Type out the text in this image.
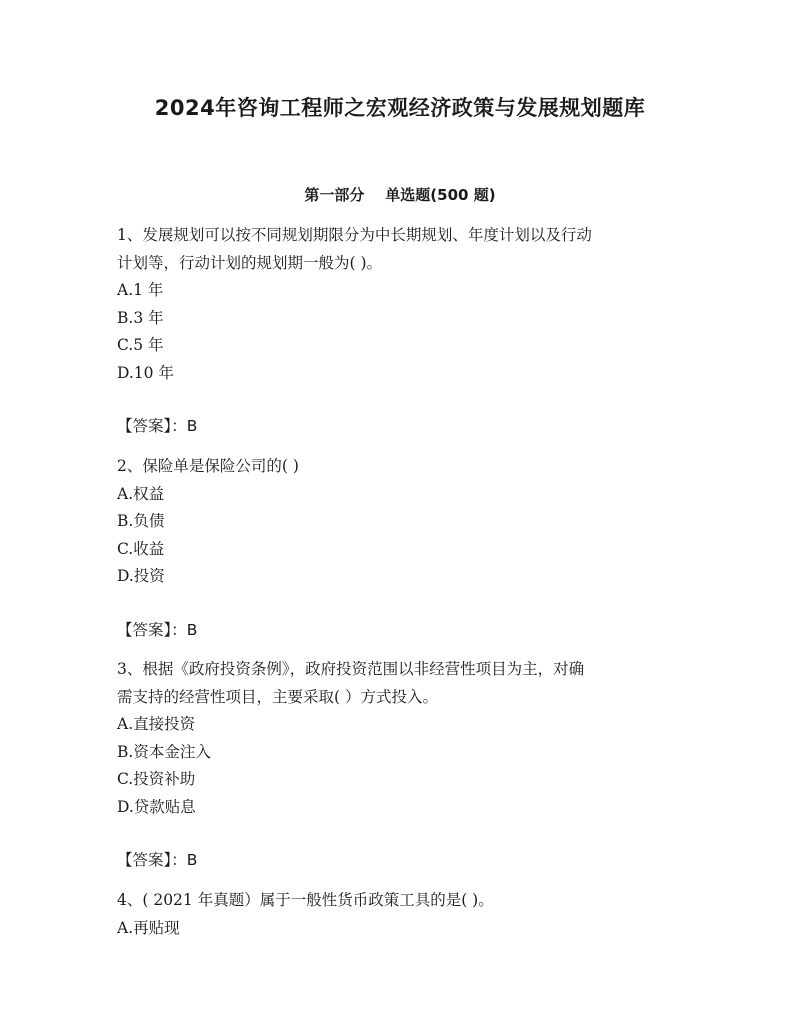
2024年咨询工程师之宏观经济政策与发展规划题库
第一部分    单选题(500 题)
1、发展规划可以按不同规划期限分为中长期规划、年度计划以及行动
计划等，行动计划的规划期一般为( )。
A.1 年
B.3 年
C.5 年
D.10 年
【答案】：B
2、保险单是保险公司的( )
A.权益
B.负债
C.收益
D.投资
【答案】：B
3、根据《政府投资条例》，政府投资范围以非经营性项目为主，对确
需支持的经营性项目，主要采取( ）方式投入。
A.直接投资
B.资本金注入
C.投资补助
D.贷款贴息
【答案】：B
4、( 2021 年真题）属于一般性货币政策工具的是( )。
A.再贴现
